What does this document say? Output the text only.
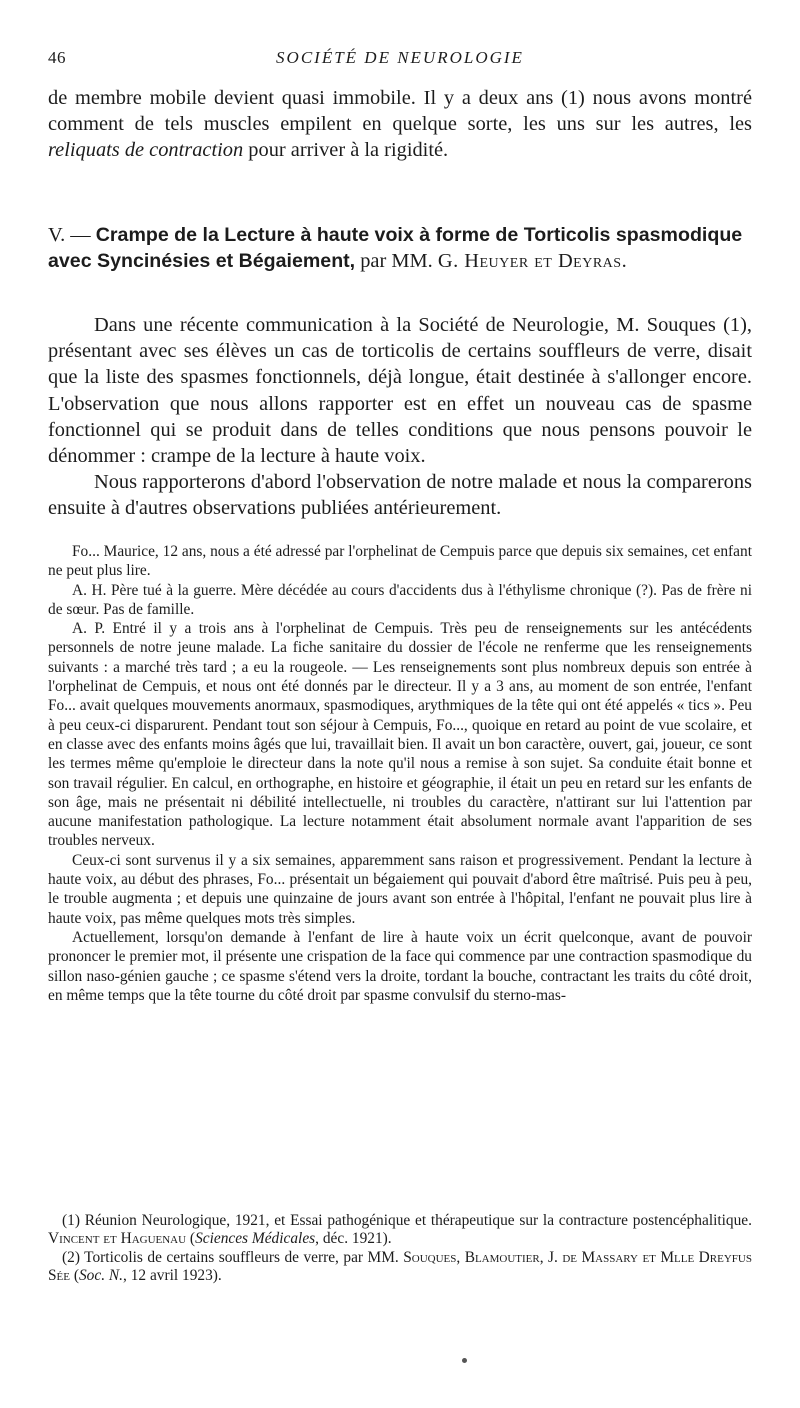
46	SOCIÉTÉ DE NEUROLOGIE
de membre mobile devient quasi immobile. Il y a deux ans (1) nous avons montré comment de tels muscles empilent en quelque sorte, les uns sur les autres, les reliquats de contraction pour arriver à la rigidité.
V. — Crampe de la Lecture à haute voix à forme de Torticolis spasmodique avec Syncinésies et Bégaiement, par MM. G. Heuyer et Deyras.
Dans une récente communication à la Société de Neurologie, M. Souques (1), présentant avec ses élèves un cas de torticolis de certains souffleurs de verre, disait que la liste des spasmes fonctionnels, déjà longue, était destinée à s'allonger encore. L'observation que nous allons rapporter est en effet un nouveau cas de spasme fonctionnel qui se produit dans de telles conditions que nous pensons pouvoir le dénommer : crampe de la lecture à haute voix.
Nous rapporterons d'abord l'observation de notre malade et nous la comparerons ensuite à d'autres observations publiées antérieurement.

Fo... Maurice, 12 ans, nous a été adressé par l'orphelinat de Cempuis parce que depuis six semaines, cet enfant ne peut plus lire.

A. H. Père tué à la guerre. Mère décédée au cours d'accidents dus à l'éthylisme chronique (?). Pas de frère ni de sœur. Pas de famille.

A. P. Entré il y a trois ans à l'orphelinat de Cempuis. Très peu de renseignements sur les antécédents personnels de notre jeune malade. La fiche sanitaire du dossier de l'école ne renferme que les renseignements suivants : a marché très tard ; a eu la rougeole. — Les renseignements sont plus nombreux depuis son entrée à l'orphelinat de Cempuis, et nous ont été donnés par le directeur. Il y a 3 ans, au moment de son entrée, l'enfant Fo... avait quelques mouvements anormaux, spasmodiques, arythmiques de la tête qui ont été appelés « tics ». Peu à peu ceux-ci disparurent. Pendant tout son séjour à Cempuis, Fo..., quoique en retard au point de vue scolaire, et en classe avec des enfants moins âgés que lui, travaillait bien. Il avait un bon caractère, ouvert, gai, joueur, ce sont les termes même qu'emploie le directeur dans la note qu'il nous a remise à son sujet. Sa conduite était bonne et son travail régulier. En calcul, en orthographe, en histoire et géographie, il était un peu en retard sur les enfants de son âge, mais ne présentait ni débilité intellectuelle, ni troubles du caractère, n'attirant sur lui l'attention par aucune manifestation pathologique. La lecture notamment était absolument normale avant l'apparition de ses troubles nerveux.

Ceux-ci sont survenus il y a six semaines, apparemment sans raison et progressivement. Pendant la lecture à haute voix, au début des phrases, Fo... présentait un bégaiement qui pouvait d'abord être maîtrisé. Puis peu à peu, le trouble augmenta ; et depuis une quinzaine de jours avant son entrée à l'hôpital, l'enfant ne pouvait plus lire à haute voix, pas même quelques mots très simples.

Actuellement, lorsqu'on demande à l'enfant de lire à haute voix un écrit quelconque, avant de pouvoir prononcer le premier mot, il présente une crispation de la face qui commence par une contraction spasmodique du sillon naso-génien gauche ; ce spasme s'étend vers la droite, tordant la bouche, contractant les traits du côté droit, en même temps que la tête tourne du côté droit par spasme convulsif du sterno-mas-

(1) Réunion Neurologique, 1921, et Essai pathogénique et thérapeutique sur la contracture postencéphalitique. Vincent et Haguenau (Sciences Médicales, déc. 1921).

(2) Torticolis de certains souffleurs de verre, par MM. Souques, Blamoutier, J. de Massary et Mlle Dreyfus Sée (Soc. N., 12 avril 1923).
